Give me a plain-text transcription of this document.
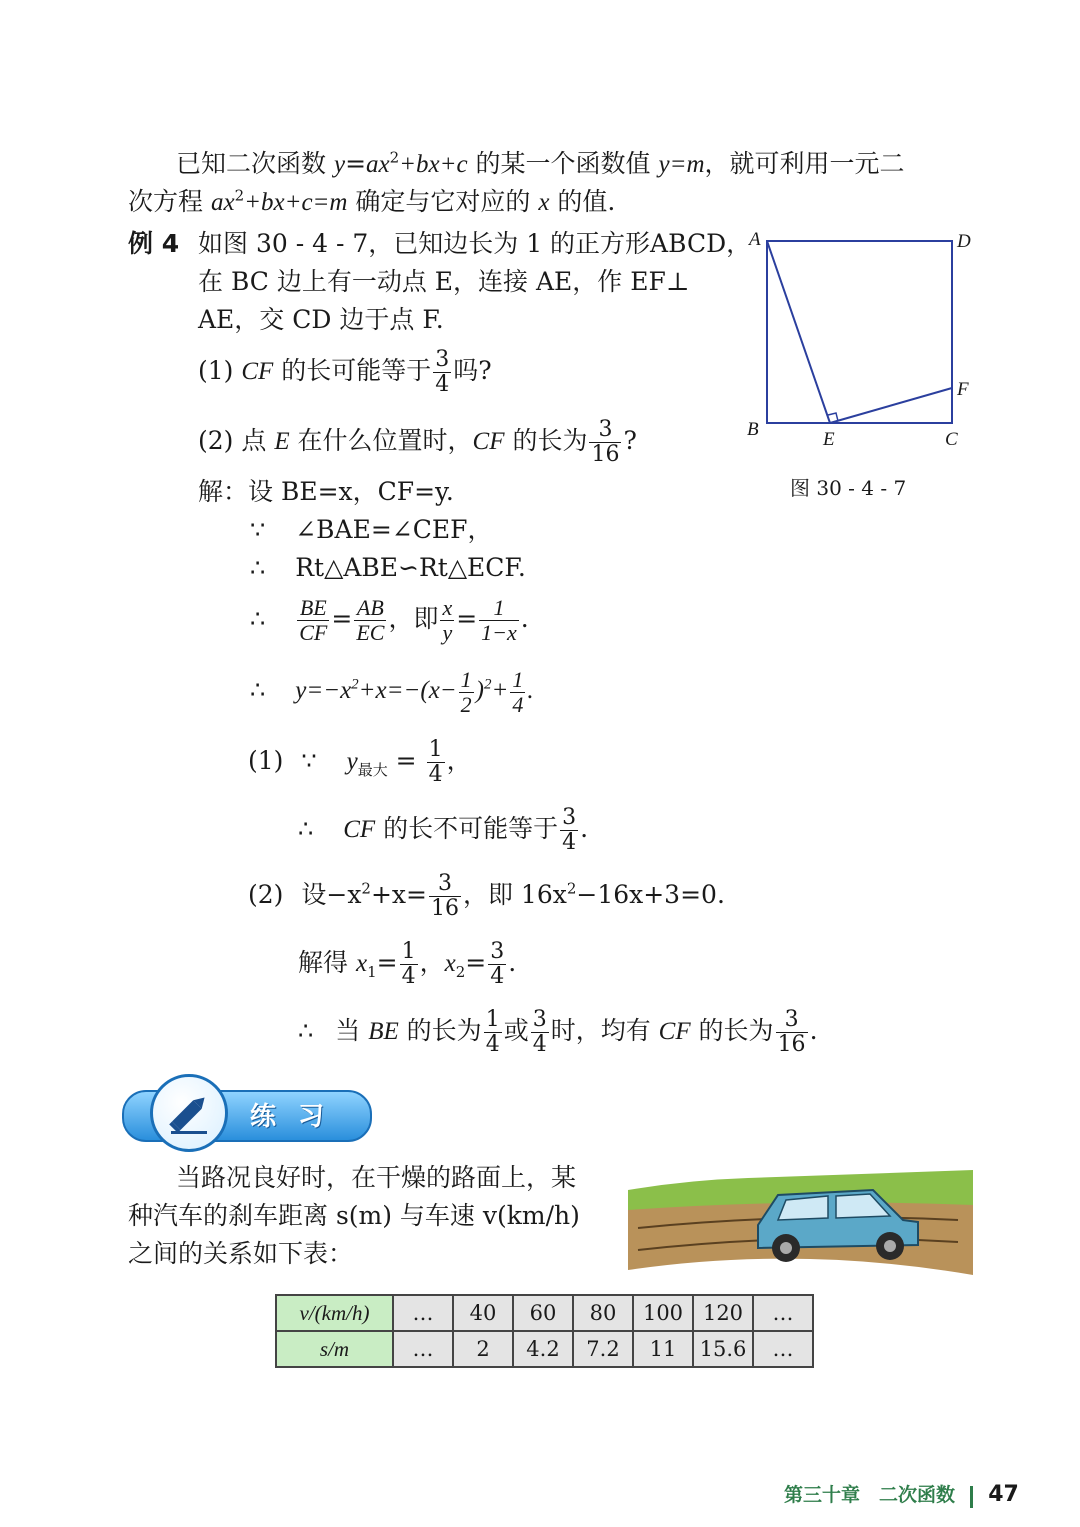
已知二次函数 $y=ax^2+bx+c$ 的某一个函数值 y=m，就可利用一元二
次方程 $ax^2+bx+c=m$ 确定与它对应的 x 的值.
例 4 如图 30 - 4 - 7，已知边长为 1 的正方形ABCD，
在 BC 边上有一动点 E，连接 AE，作 EF⊥
AE，交 CD 边于点 F.
(1) CF 的长可能等于 $\frac{3}{4}$ 吗?
(2) 点 E 在什么位置时，CF 的长为 $\frac{3}{16}$ ?
A	D
B	E	C
F
图 30 - 4 - 7
解：设 BE=x，CF=y.
∵ ∠BAE=∠CEF，
∴ Rt△ABE∽Rt△ECF.
∴ $\frac{BE}{CF} = \frac{AB}{EC}$ ，即 $\frac{x}{y} = \frac{1}{1-x}$ .
∴ $y=-x^2+x=-(x- \frac{1}{2} )^2+ \frac{1}{4}$ .
(1) ∵ $y_{最大} = \frac{1}{4}$ ，
∴ CF 的长不可能等于 $\frac{3}{4}$ .
(2) 设$-x^2+x= \frac{3}{16}$ ，即 $16x^2-16x+3=0$.
解得 $x_1= \frac{1}{4}$ ，$x_2= \frac{3}{4}$ .
∴ 当 BE 的长为 $\frac{1}{4}$ 或 $\frac{3}{4}$ 时，均有 CF 的长为 $\frac{3}{16}$ .
练习
当路况良好时，在干燥的路面上，某
种汽车的刹车距离 s(m) 与车速 v(km/h)
之间的关系如下表：
v/(km/h)	…	40	60	80	100	120	…
s/m	…	2	4.2	7.2	11	15.6	…
第三十章　二次函数 47
